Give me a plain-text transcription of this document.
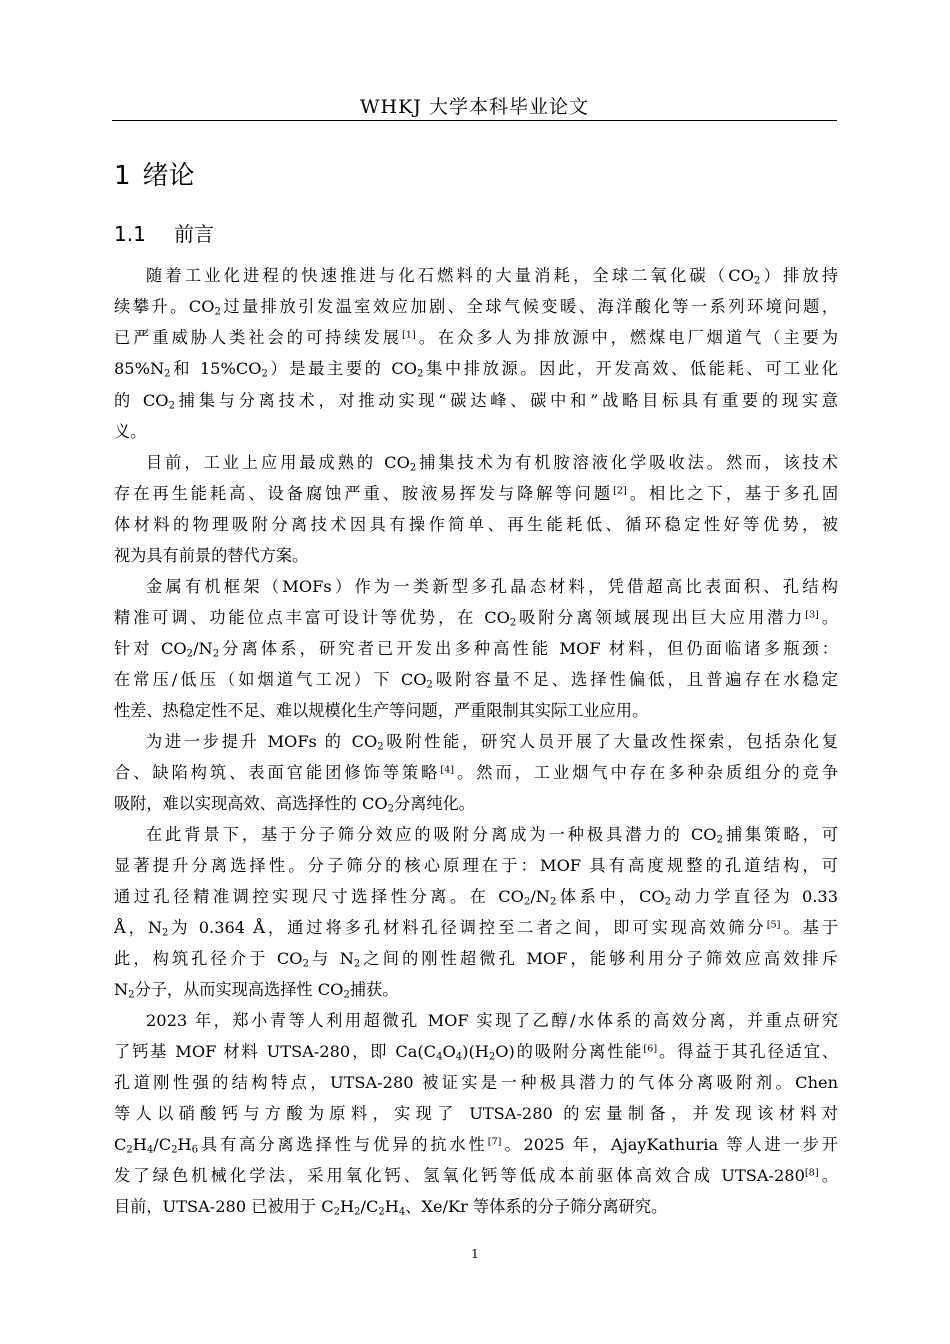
WHKJ 大学本科毕业论文
1 绪论
1.1 前言
随着工业化进程的快速推进与化石燃料的大量消耗，全球二氧化碳$(CO_2)$排放持
续攀升。$CO_2$过量排放引发温室效应加剧、全球气候变暖、海洋酸化等一系列环境问题，
已严重威胁人类社会的可持续发展[1]。在众多人为排放源中，燃煤电厂烟道气（主要为
$85\%N_2$和 $15\%CO_2$）是最主要的 $CO_2$集中排放源。因此，开发高效、低能耗、可工业化
的 $CO_2$捕集与分离技术，对推动实现“碳达峰、碳中和”战略目标具有重要的现实意
义。
目前，工业上应用最成熟的 $CO_2$捕集技术为有机胺溶液化学吸收法。然而，该技术
存在再生能耗高、设备腐蚀严重、胺液易挥发与降解等问题[2]。相比之下，基于多孔固
体材料的物理吸附分离技术因具有操作简单、再生能耗低、循环稳定性好等优势，被
视为具有前景的替代方案。
金属有机框架（MOFs）作为一类新型多孔晶态材料，凭借超高比表面积、孔结构
精准可调、功能位点丰富可设计等优势，在 $CO_2$吸附分离领域展现出巨大应用潜力[3]。
针对 $CO_2/N_2$分离体系，研究者已开发出多种高性能 MOF 材料，但仍面临诸多瓶颈：
在常压/低压（如烟道气工况）下 $CO_2$吸附容量不足、选择性偏低，且普遍存在水稳定
性差、热稳定性不足、难以规模化生产等问题，严重限制其实际工业应用。
为进一步提升 MOFs 的 $CO_2$吸附性能，研究人员开展了大量改性探索，包括杂化复
合、缺陷构筑、表面官能团修饰等策略[4]。然而，工业烟气中存在多种杂质组分的竞争
吸附，难以实现高效、高选择性的 $CO_2$分离纯化。
在此背景下，基于分子筛分效应的吸附分离成为一种极具潜力的 $CO_2$捕集策略，可
显著提升分离选择性。分子筛分的核心原理在于：MOF 具有高度规整的孔道结构，可
通过孔径精准调控实现尺寸选择性分离。在 $CO_2/N_2$体系中，$CO_2$动力学直径为 0.33
Å，$N_2$为 0.364 Å，通过将多孔材料孔径调控至二者之间，即可实现高效筛分[5]。基于
此，构筑孔径介于 $CO_2$与 $N_2$之间的刚性超微孔 MOF，能够利用分子筛效应高效排斥
$N_2$分子，从而实现高选择性 $CO_2$捕获。
2023 年，郑小青等人利用超微孔 MOF 实现了乙醇/水体系的高效分离，并重点研究
了钙基 MOF 材料 UTSA-280，即 $Ca(C_4O_4)(H_2O)$的吸附分离性能[6]。得益于其孔径适宜、
孔道刚性强的结构特点，UTSA-280 被证实是一种极具潜力的气体分离吸附剂。Chen
等人以硝酸钙与方酸为原料，实现了 UTSA-280 的宏量制备，并发现该材料对
$C_2H_4/C_2H_6$具有高分离选择性与优异的抗水性[7]。2025 年，AjayKathuria 等人进一步开
发了绿色机械化学法，采用氧化钙、氢氧化钙等低成本前驱体高效合成 UTSA-280[8]。
目前，UTSA-280 已被用于 $C_2H_2/C_2H_4$、Xe/Kr 等体系的分子筛分离研究。
1
